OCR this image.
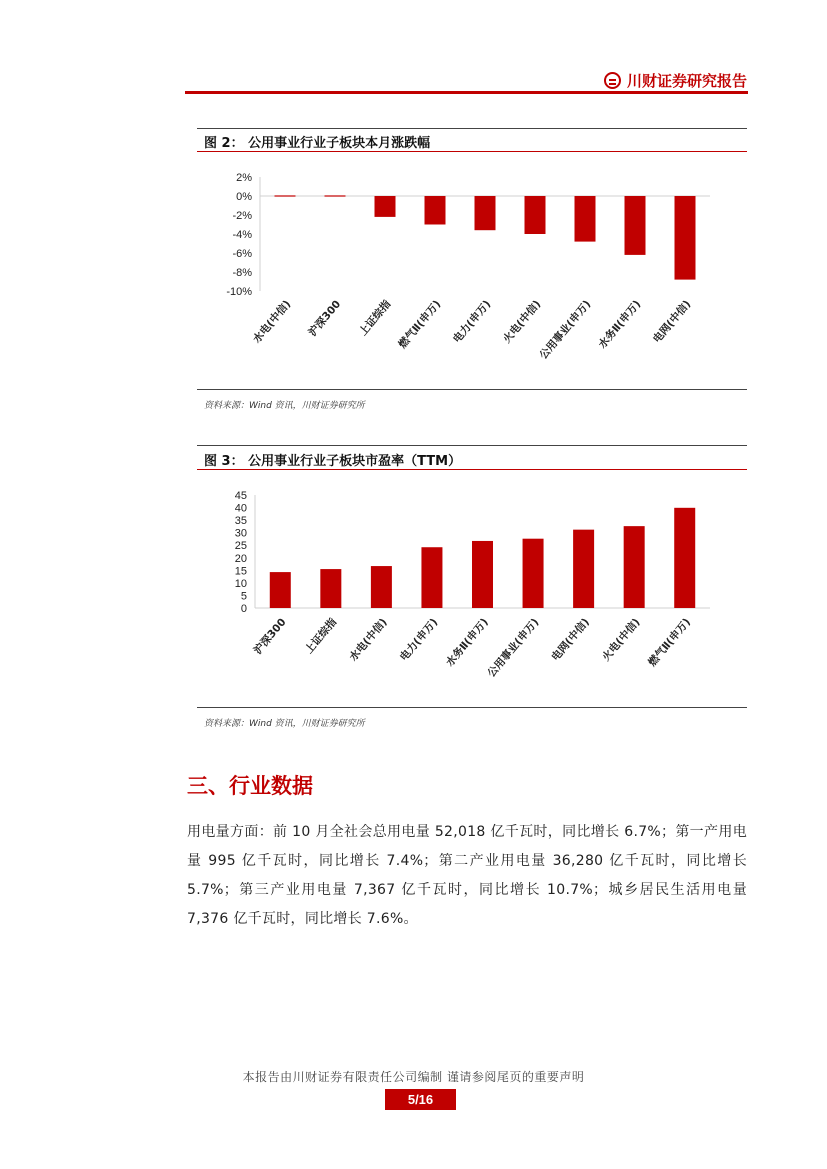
川财证券研究报告
图 2： 公用事业行业子板块本月涨跌幅
2%
0%
-2%
-4%
-6%
-8%
-10%
水电(中信) 沪深300 上证综指 燃气Ⅱ(申万) 电力(申万) 火电(中信)
公用事业(申万) 水务Ⅱ(申万) 电网(中信)
资料来源：Wind 资讯，川财证券研究所
图 3： 公用事业行业子板块市盈率（TTM）
45
40
35
30
25
20
15
10
5
0
沪深300 上证综指 水电(中信) 电力(申万) 水务Ⅱ(申万)
公用事业(申万) 电网(中信) 火电(中信) 燃气Ⅱ(申万)
资料来源：Wind 资讯，川财证券研究所
三、行业数据
用电量方面：前 10 月全社会总用电量 52,018 亿千瓦时，同比增长 6.7%；第一产用电量 995 亿千瓦时，同比增长 7.4%；第二产业用电量 36,280 亿千瓦时，同比增长 5.7%；第三产业用电量 7,367 亿千瓦时，同比增长 10.7%；城乡居民生活用电量 7,376 亿千瓦时，同比增长 7.6%。
本报告由川财证券有限责任公司编制 谨请参阅尾页的重要声明
5/16
